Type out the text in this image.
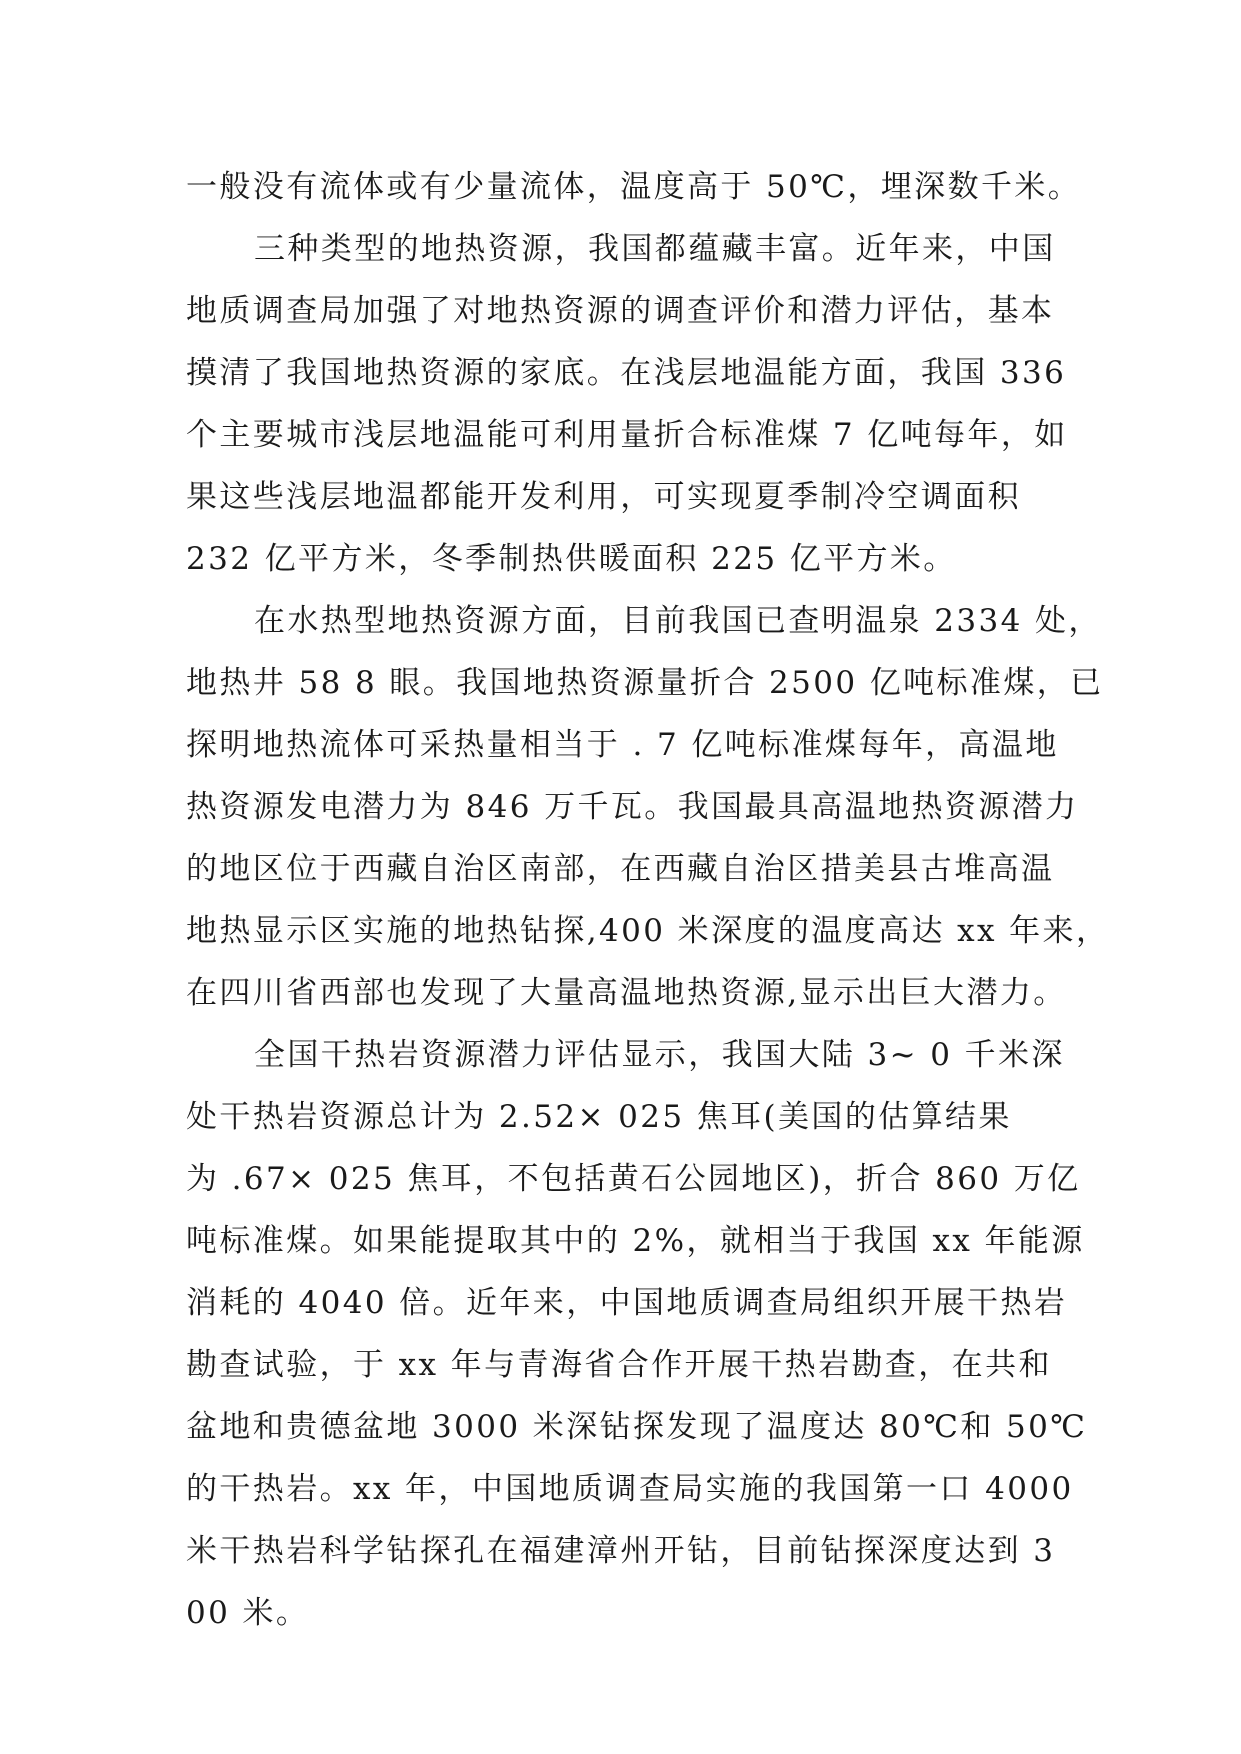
一般没有流体或有少量流体，温度高于 50℃，埋深数千米。
三种类型的地热资源，我国都蕴藏丰富。近年来，中国
地质调查局加强了对地热资源的调查评价和潜力评估，基本
摸清了我国地热资源的家底。在浅层地温能方面，我国 336
个主要城市浅层地温能可利用量折合标准煤 7 亿吨每年，如
果这些浅层地温都能开发利用，可实现夏季制冷空调面积
232 亿平方米，冬季制热供暖面积 225 亿平方米。
在水热型地热资源方面，目前我国已查明温泉 2334 处，
地热井 58 8 眼。我国地热资源量折合 2500 亿吨标准煤，已
探明地热流体可采热量相当于 . 7 亿吨标准煤每年，高温地
热资源发电潜力为 846 万千瓦。我国最具高温地热资源潜力
的地区位于西藏自治区南部，在西藏自治区措美县古堆高温
地热显示区实施的地热钻探,400 米深度的温度高达 xx 年来，
在四川省西部也发现了大量高温地热资源,显示出巨大潜力。
全国干热岩资源潜力评估显示，我国大陆 3~ 0 千米深
处干热岩资源总计为 2.52× 025 焦耳(美国的估算结果
为 .67× 025 焦耳，不包括黄石公园地区)，折合 860 万亿
吨标准煤。如果能提取其中的 2%，就相当于我国 xx 年能源
消耗的 4040 倍。近年来，中国地质调查局组织开展干热岩
勘查试验，于 xx 年与青海省合作开展干热岩勘查，在共和
盆地和贵德盆地 3000 米深钻探发现了温度达 80℃和 50℃
的干热岩。xx 年，中国地质调查局实施的我国第一口 4000
米干热岩科学钻探孔在福建漳州开钻，目前钻探深度达到 3
00 米。
